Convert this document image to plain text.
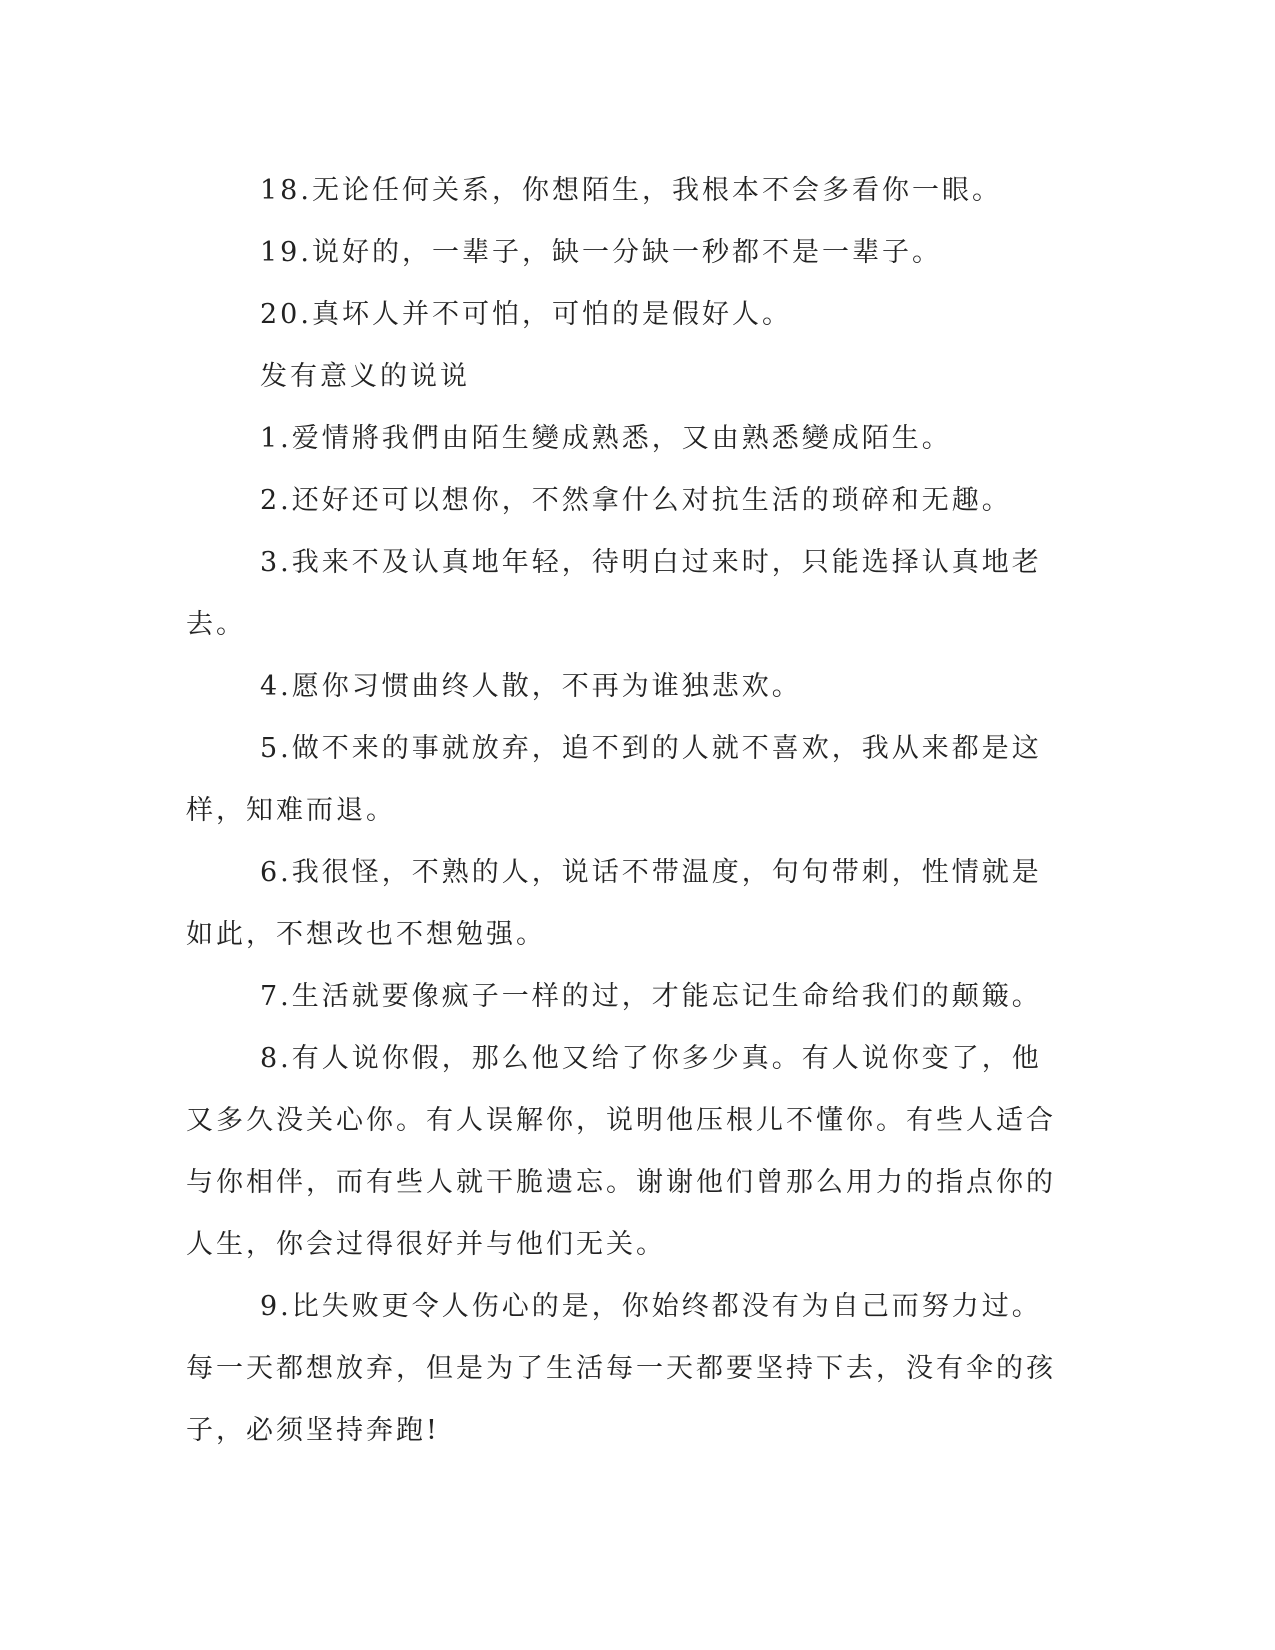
18.无论任何关系，你想陌生，我根本不会多看你一眼。

19.说好的，一辈子，缺一分缺一秒都不是一辈子。

20.真坏人并不可怕，可怕的是假好人。

发有意义的说说

1.爱情將我們由陌生變成熟悉，又由熟悉變成陌生。

2.还好还可以想你，不然拿什么对抗生活的琐碎和无趣。

3.我来不及认真地年轻，待明白过来时，只能选择认真地老去。

4.愿你习惯曲终人散，不再为谁独悲欢。

5.做不来的事就放弃，追不到的人就不喜欢，我从来都是这样，知难而退。

6.我很怪，不熟的人，说话不带温度，句句带刺，性情就是如此，不想改也不想勉强。

7.生活就要像疯子一样的过，才能忘记生命给我们的颠簸。

8.有人说你假，那么他又给了你多少真。有人说你变了，他又多久没关心你。有人误解你，说明他压根儿不懂你。有些人适合与你相伴，而有些人就干脆遗忘。谢谢他们曾那么用力的指点你的人生，你会过得很好并与他们无关。

9.比失败更令人伤心的是，你始终都没有为自己而努力过。每一天都想放弃，但是为了生活每一天都要坚持下去，没有伞的孩子，必须坚持奔跑!
